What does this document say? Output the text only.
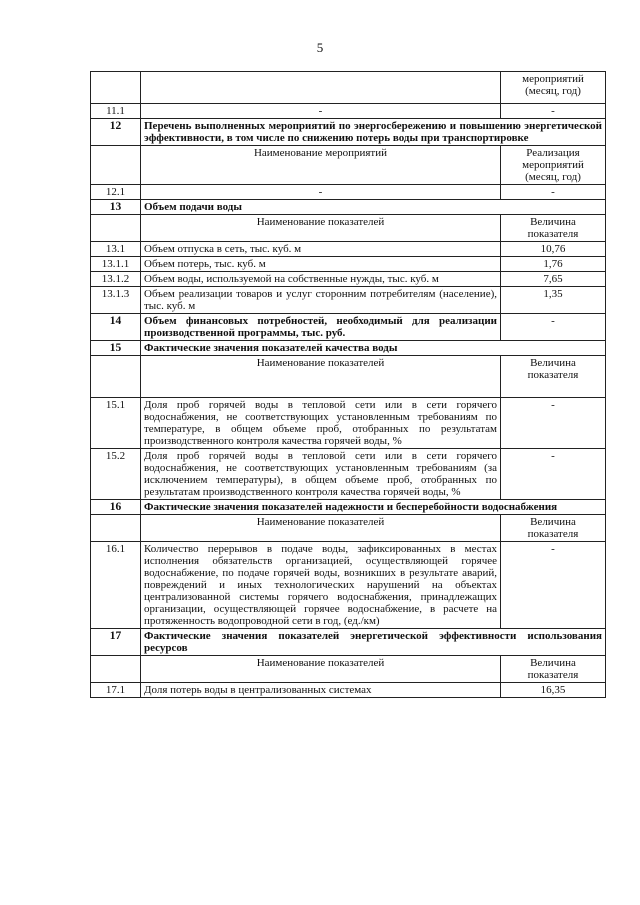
5
		мероприятий (месяц, год)
11.1	-	-
12	Перечень выполненных мероприятий по энергосбережению и повышению энергетической эффективности, в том числе по снижению потерь воды при транспортировке	
	Наименование мероприятий	Реализация мероприятий (месяц, год)
12.1	-	-
13	Объем подачи воды	
	Наименование показателей	Величина показателя
13.1	Объем отпуска в сеть, тыс. куб. м	10,76
13.1.1	Объем потерь, тыс. куб. м	1,76
13.1.2	Объем воды, используемой на собственные нужды, тыс. куб. м	7,65
13.1.3	Объем реализации товаров и услуг сторонним потребителям (население), тыс. куб. м	1,35
14	Объем финансовых потребностей, необходимый для реализации производственной программы, тыс. руб.	-
15	Фактические значения показателей качества воды	
	Наименование показателей	Величина показателя
15.1	Доля проб горячей воды в тепловой сети или в сети горячего водоснабжения, не соответствующих установленным требованиям по температуре, в общем объеме проб, отобранных по результатам производственного контроля качества горячей воды, %	-
15.2	Доля проб горячей воды в тепловой сети или в сети горячего водоснабжения, не соответствующих установленным требованиям (за исключением температуры), в общем объеме проб, отобранных по результатам производственного контроля качества горячей воды, %	-
16	Фактические значения показателей надежности и бесперебойности водоснабжения	
	Наименование показателей	Величина показателя
16.1	Количество перерывов в подаче воды, зафиксированных в местах исполнения обязательств организацией, осуществляющей горячее водоснабжение, по подаче горячей воды, возникших в результате аварий, повреждений и иных технологических нарушений на объектах централизованной системы горячего водоснабжения, принадлежащих организации, осуществляющей горячее водоснабжение, в расчете на протяженность водопроводной сети в год, (ед./км)	-
17	Фактические значения показателей энергетической эффективности использования ресурсов	
	Наименование показателей	Величина показателя
17.1	Доля потерь воды в централизованных системах	16,35
